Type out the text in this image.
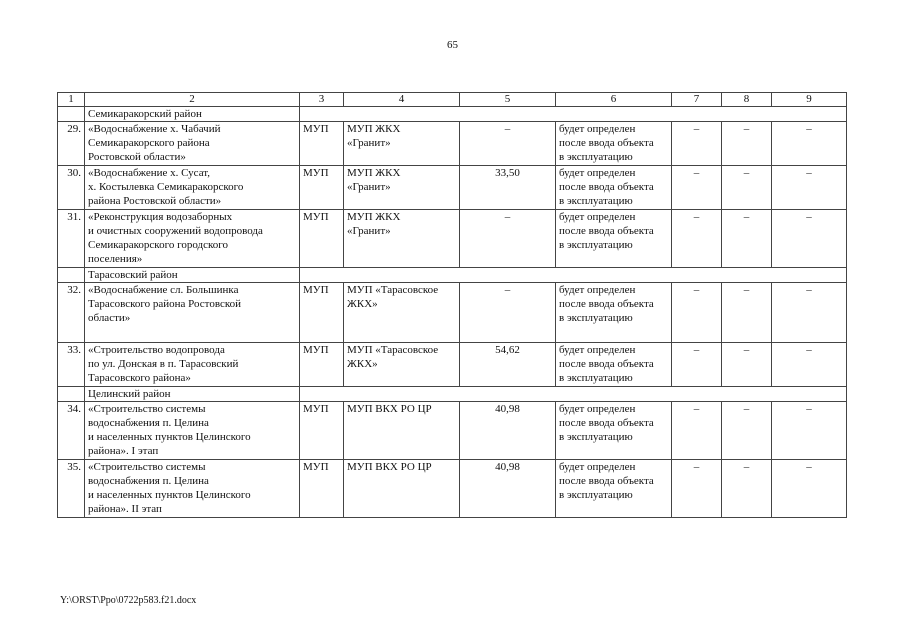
65
1	2	3	4	5	6	7	8	9
	Семикаракорский район							
29.	«Водоснабжение х. Чабачий
Семикаракорского района
Ростовской области»	МУП	МУП ЖКХ
«Гранит»	–	будет определен
после ввода объекта
в эксплуатацию	–	–	–
30.	«Водоснабжение х. Сусат,
х. Костылевка Семикаракорского
района Ростовской области»	МУП	МУП ЖКХ
«Гранит»	33,50	будет определен
после ввода объекта
в эксплуатацию	–	–	–
31.	«Реконструкция водозаборных
и очистных сооружений водопровода
Семикаракорского городского
поселения»	МУП	МУП ЖКХ
«Гранит»	–	будет определен
после ввода объекта
в эксплуатацию	–	–	–
	Тарасовский район							
32.	«Водоснабжение сл. Большинка
Тарасовского района Ростовской
области»	МУП	МУП «Тарасовское
ЖКХ»	–	будет определен
после ввода объекта
в эксплуатацию	–	–	–
33.	«Строительство водопровода
по ул. Донская в п. Тарасовский
Тарасовского района»	МУП	МУП «Тарасовское
ЖКХ»	54,62	будет определен
после ввода объекта
в эксплуатацию	–	–	–
	Целинский район							
34.	«Строительство системы
водоснабжения п. Целина
и населенных пунктов Целинского
района». I этап	МУП	МУП ВКХ РО ЦР	40,98	будет определен
после ввода объекта
в эксплуатацию	–	–	–
35.	«Строительство системы
водоснабжения п. Целина
и населенных пунктов Целинского
района». II этап	МУП	МУП ВКХ РО ЦР	40,98	будет определен
после ввода объекта
в эксплуатацию	–	–	–
Y:\ORST\Ppo\0722p583.f21.docx
